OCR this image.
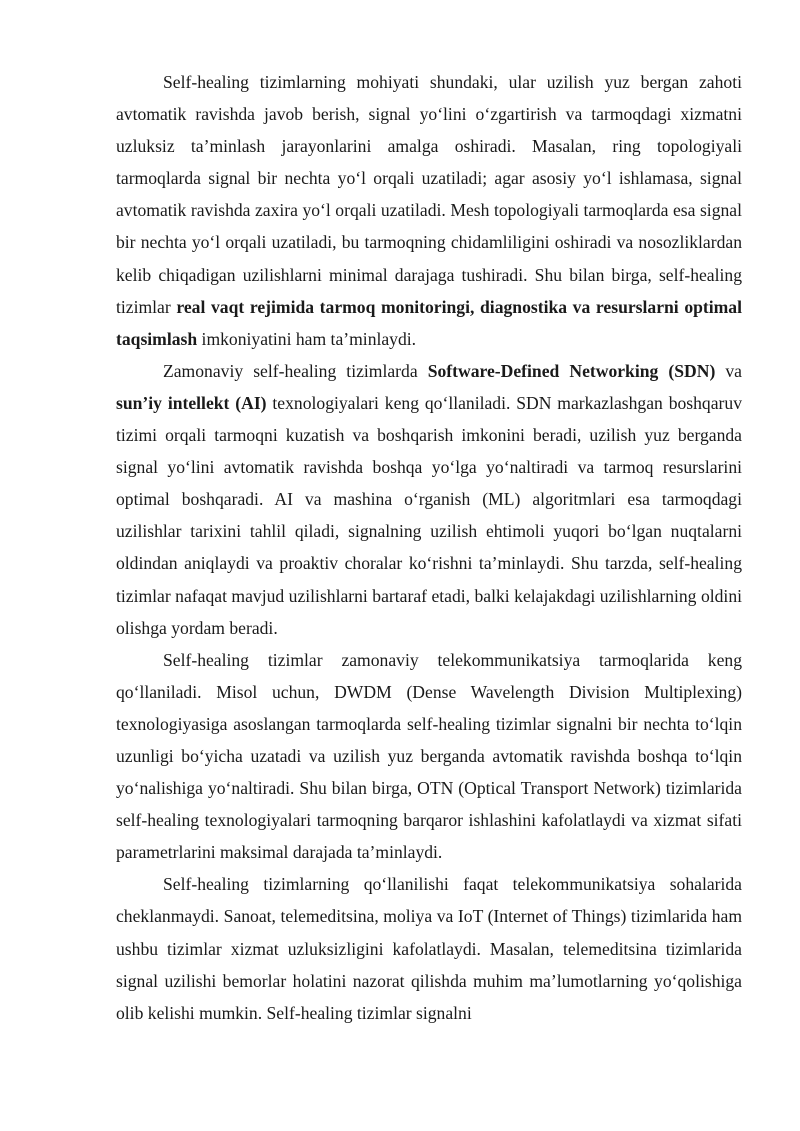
Self-healing tizimlarning mohiyati shundaki, ular uzilish yuz bergan zahoti avtomatik ravishda javob berish, signal yo‘lini o‘zgartirish va tarmoqdagi xizmatni uzluksiz ta’minlash jarayonlarini amalga oshiradi. Masalan, ring topologiyali tarmoqlarda signal bir nechta yo‘l orqali uzatiladi; agar asosiy yo‘l ishlamasa, signal avtomatik ravishda zaxira yo‘l orqali uzatiladi. Mesh topologiyali tarmoqlarda esa signal bir nechta yo‘l orqali uzatiladi, bu tarmoqning chidamliligini oshiradi va nosozliklardan kelib chiqadigan uzilishlarni minimal darajaga tushiradi. Shu bilan birga, self-healing tizimlar real vaqt rejimida tarmoq monitoringi, diagnostika va resurslarni optimal taqsimlash imkoniyatini ham ta’minlaydi.

Zamonaviy self-healing tizimlarda Software-Defined Networking (SDN) va sun’iy intellekt (AI) texnologiyalari keng qo‘llaniladi. SDN markazlashgan boshqaruv tizimi orqali tarmoqni kuzatish va boshqarish imkonini beradi, uzilish yuz berganda signal yo‘lini avtomatik ravishda boshqa yo‘lga yo‘naltiradi va tarmoq resurslarini optimal boshqaradi. AI va mashina o‘rganish (ML) algoritmlari esa tarmoqdagi uzilishlar tarixini tahlil qiladi, signalning uzilish ehtimoli yuqori bo‘lgan nuqtalarni oldindan aniqlaydi va proaktiv choralar ko‘rishni ta’minlaydi. Shu tarzda, self-healing tizimlar nafaqat mavjud uzilishlarni bartaraf etadi, balki kelajakdagi uzilishlarning oldini olishga yordam beradi.

Self-healing tizimlar zamonaviy telekommunikatsiya tarmoqlarida keng qo‘llaniladi. Misol uchun, DWDM (Dense Wavelength Division Multiplexing) texnologiyasiga asoslangan tarmoqlarda self-healing tizimlar signalni bir nechta to‘lqin uzunligi bo‘yicha uzatadi va uzilish yuz berganda avtomatik ravishda boshqa to‘lqin yo‘nalishiga yo‘naltiradi. Shu bilan birga, OTN (Optical Transport Network) tizimlarida self-healing texnologiyalari tarmoqning barqaror ishlashini kafolatlaydi va xizmat sifati parametrlarini maksimal darajada ta’minlaydi.

Self-healing tizimlarning qo‘llanilishi faqat telekommunikatsiya sohalarida cheklanmaydi. Sanoat, telemeditsina, moliya va IoT (Internet of Things) tizimlarida ham ushbu tizimlar xizmat uzluksizligini kafolatlaydi. Masalan, telemeditsina tizimlarida signal uzilishi bemorlar holatini nazorat qilishda muhim ma’lumotlarning yo‘qolishiga olib kelishi mumkin. Self-healing tizimlar signalni
